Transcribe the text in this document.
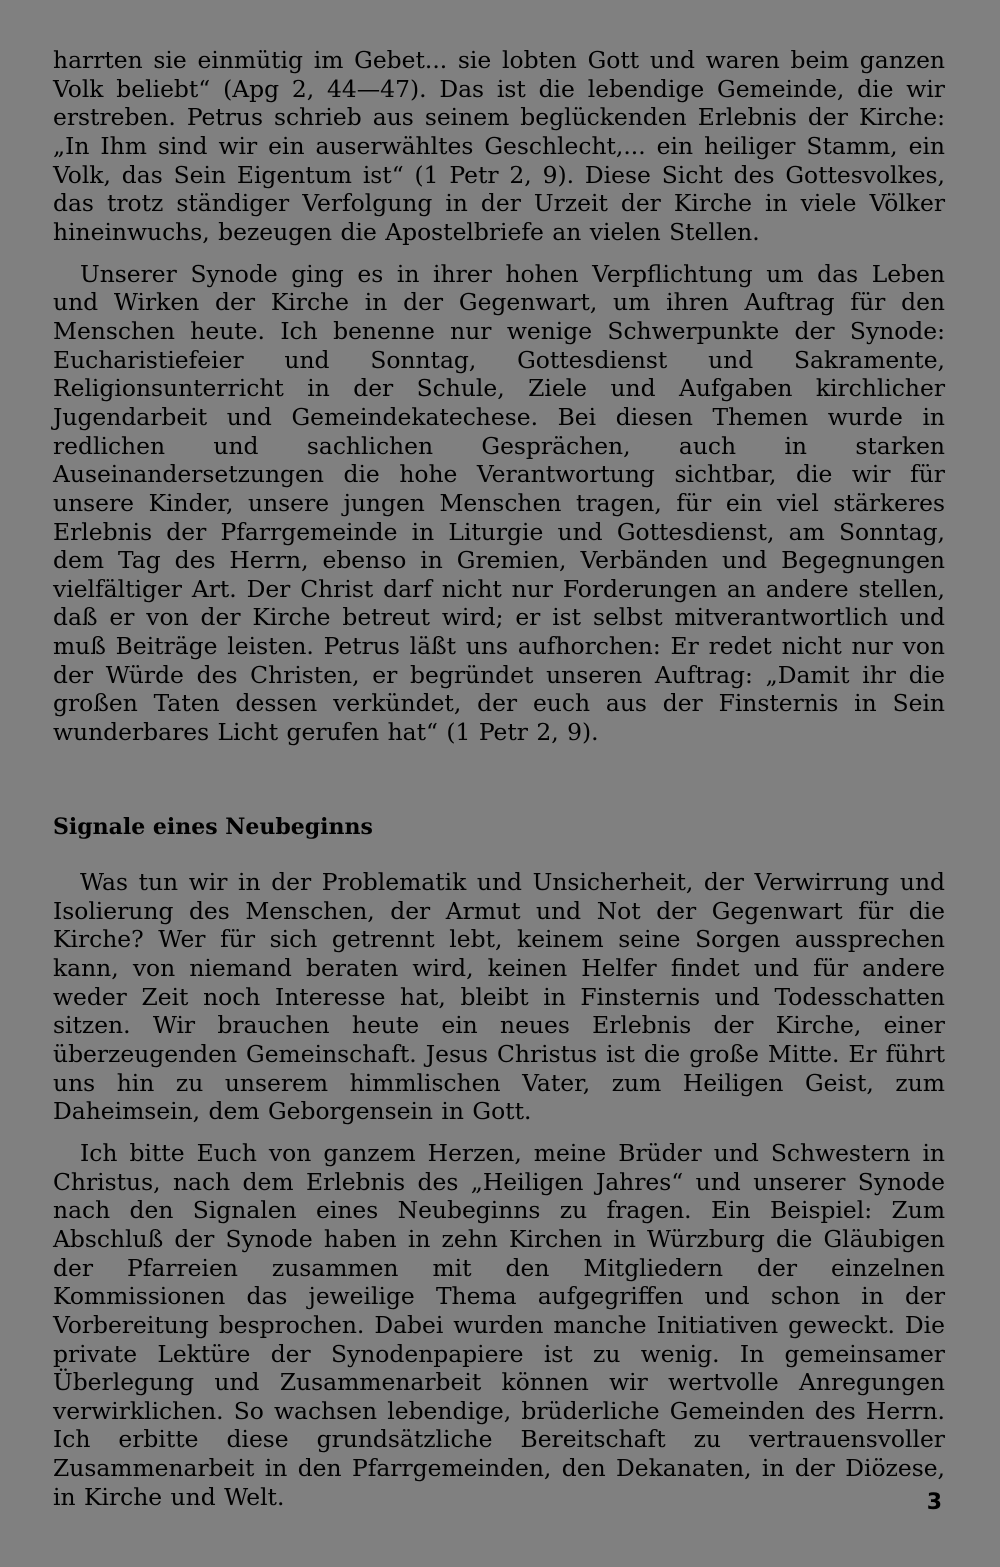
harrten sie einmütig im Gebet... sie lobten Gott und waren beim ganzen Volk beliebt“ (Apg 2, 44—47). Das ist die lebendige Gemeinde, die wir erstreben. Petrus schrieb aus seinem beglückenden Erlebnis der Kirche: „In Ihm sind wir ein auserwähltes Geschlecht,... ein heiliger Stamm, ein Volk, das Sein Eigentum ist“ (1 Petr 2, 9). Diese Sicht des Gottesvolkes, das trotz ständiger Verfolgung in der Urzeit der Kirche in viele Völker hineinwuchs, bezeugen die Apostelbriefe an vielen Stellen.

Unserer Synode ging es in ihrer hohen Verpflichtung um das Leben und Wirken der Kirche in der Gegenwart, um ihren Auftrag für den Menschen heute. Ich benenne nur wenige Schwerpunkte der Synode: Eucharistiefeier und Sonntag, Gottesdienst und Sakramente, Religionsunterricht in der Schule, Ziele und Aufgaben kirchlicher Jugendarbeit und Gemeindekatechese. Bei diesen Themen wurde in redlichen und sachlichen Gesprächen, auch in starken Auseinandersetzungen die hohe Verantwortung sichtbar, die wir für unsere Kinder, unsere jungen Menschen tragen, für ein viel stärkeres Erlebnis der Pfarrgemeinde in Liturgie und Gottesdienst, am Sonntag, dem Tag des Herrn, ebenso in Gremien, Verbänden und Begegnungen vielfältiger Art. Der Christ darf nicht nur Forderungen an andere stellen, daß er von der Kirche betreut wird; er ist selbst mitverantwortlich und muß Beiträge leisten. Petrus läßt uns aufhorchen: Er redet nicht nur von der Würde des Christen, er begründet unseren Auftrag: „Damit ihr die großen Taten dessen verkündet, der euch aus der Finsternis in Sein wunderbares Licht gerufen hat“ (1 Petr 2, 9).

Signale eines Neubeginns

Was tun wir in der Problematik und Unsicherheit, der Verwirrung und Isolierung des Menschen, der Armut und Not der Gegenwart für die Kirche? Wer für sich getrennt lebt, keinem seine Sorgen aussprechen kann, von niemand beraten wird, keinen Helfer findet und für andere weder Zeit noch Interesse hat, bleibt in Finsternis und Todesschatten sitzen. Wir brauchen heute ein neues Erlebnis der Kirche, einer überzeugenden Gemeinschaft. Jesus Christus ist die große Mitte. Er führt uns hin zu unserem himmlischen Vater, zum Heiligen Geist, zum Daheimsein, dem Geborgensein in Gott.

Ich bitte Euch von ganzem Herzen, meine Brüder und Schwestern in Christus, nach dem Erlebnis des „Heiligen Jahres“ und unserer Synode nach den Signalen eines Neubeginns zu fragen. Ein Beispiel: Zum Abschluß der Synode haben in zehn Kirchen in Würzburg die Gläubigen der Pfarreien zusammen mit den Mitgliedern der einzelnen Kommissionen das jeweilige Thema aufgegriffen und schon in der Vorbereitung besprochen. Dabei wurden manche Initiativen geweckt. Die private Lektüre der Synodenpapiere ist zu wenig. In gemeinsamer Überlegung und Zusammenarbeit können wir wertvolle Anregungen verwirklichen. So wachsen lebendige, brüderliche Gemeinden des Herrn. Ich erbitte diese grundsätzliche Bereitschaft zu vertrauensvoller Zusammenarbeit in den Pfarrgemeinden, den Dekanaten, in der Diözese, in Kirche und Welt.	3
